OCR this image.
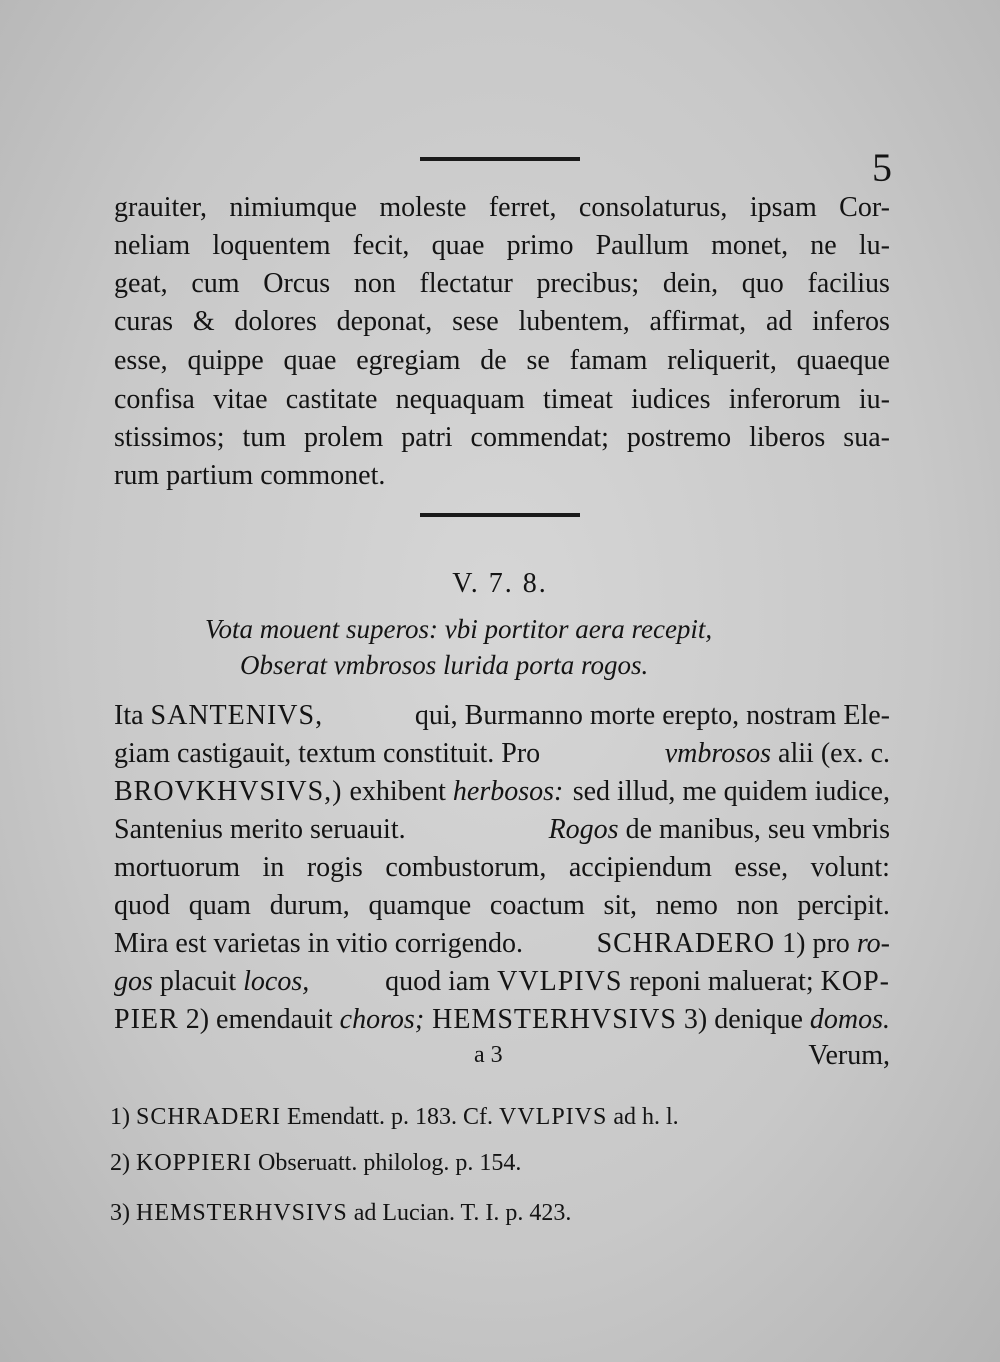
5
grauiter, nimiumque moleste ferret, consolaturus, ipsam Cor-
neliam loquentem fecit, quae primo Paullum monet, ne lu-
geat, cum Orcus non flectatur precibus; dein, quo facilius
curas & dolores deponat, sese lubentem, affirmat, ad inferos
esse, quippe quae egregiam de se famam reliquerit, quaeque
confisa vitae castitate nequaquam timeat iudices inferorum iu-
stissimos; tum prolem patri commendat; postremo liberos sua-
rum partium commonet.
V. 7. 8.
Vota mouent superos: vbi portitor aera recepit,
Obserat vmbrosos lurida porta rogos.
Ita SANTENIVS,	qui, Burmanno morte erepto, nostram Ele-
giam castigauit, textum constituit. Pro	vmbrosos alii (ex. c.
BROVKHVSIVS,) exhibent herbosos: sed illud, me quidem iudice,
Santenius merito seruauit.	Rogos de manibus, seu vmbris
mortuorum in rogis combustorum, accipiendum esse, volunt:
quod quam durum, quamque coactum sit, nemo non percipit.
Mira est varietas in vitio corrigendo.	SCHRADERO 1) pro ro-
gos placuit locos,	quod iam VVLPIVS reponi maluerat; KOP-
PIER 2) emendauit choros; HEMSTERHVSIVS 3) denique domos.
a 3	Verum,
1) SCHRADERI Emendatt. p. 183. Cf. VVLPIVS ad h. l.
2) KOPPIERI Obseruatt. philolog. p. 154.
3) HEMSTERHVSIVS ad Lucian. T. I. p. 423.
